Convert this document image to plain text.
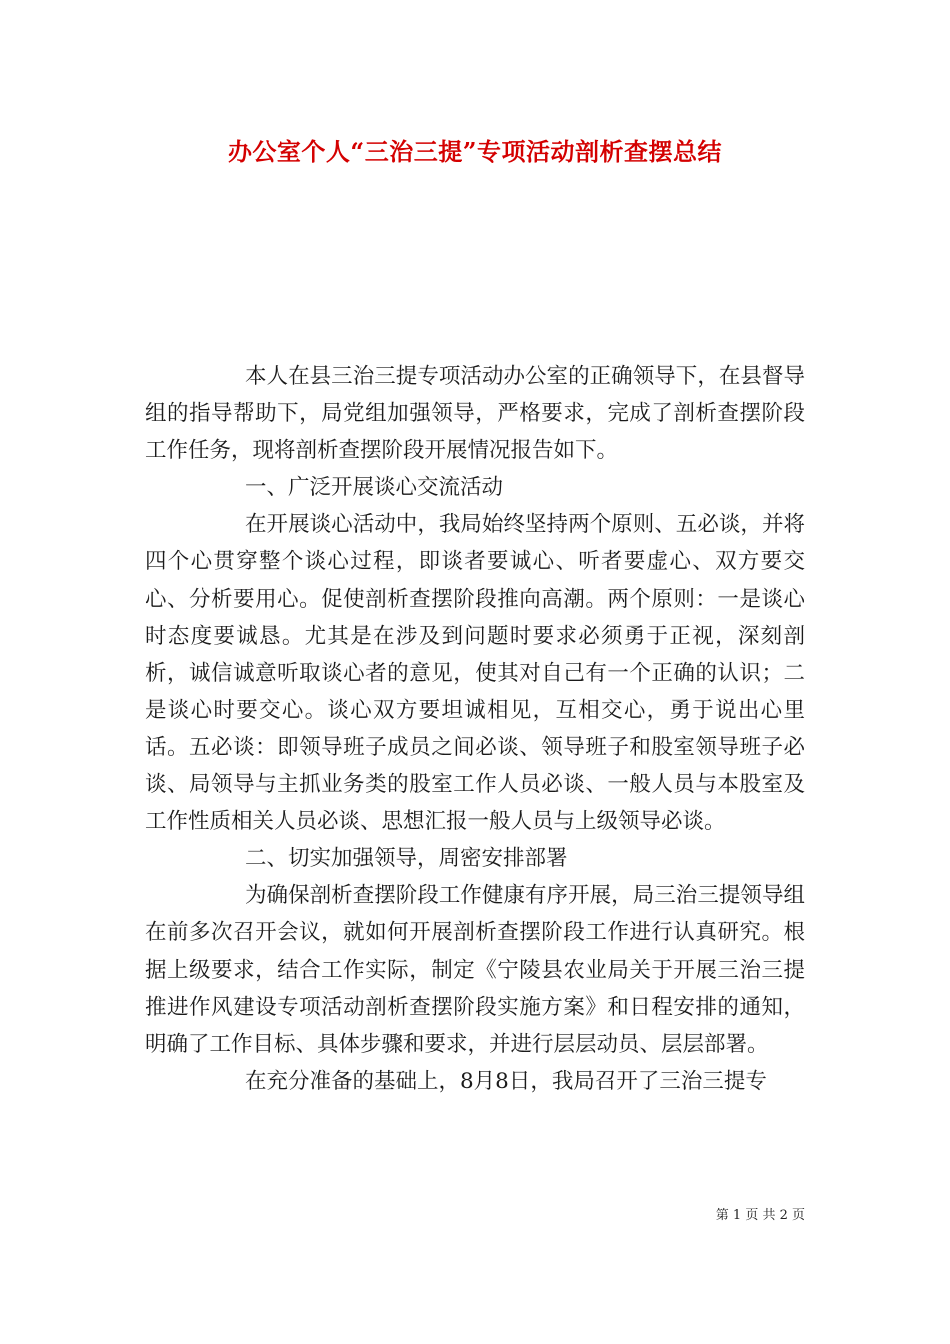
办公室个人“三治三提”专项活动剖析查摆总结

本人在县三治三提专项活动办公室的正确领导下，在县督导组的指导帮助下，局党组加强领导，严格要求，完成了剖析查摆阶段工作任务，现将剖析查摆阶段开展情况报告如下。

一、广泛开展谈心交流活动

在开展谈心活动中，我局始终坚持两个原则、五必谈，并将四个心贯穿整个谈心过程，即谈者要诚心、听者要虚心、双方要交心、分析要用心。促使剖析查摆阶段推向高潮。两个原则：一是谈心时态度要诚恳。尤其是在涉及到问题时要求必须勇于正视，深刻剖析，诚信诚意听取谈心者的意见，使其对自己有一个正确的认识；二是谈心时要交心。谈心双方要坦诚相见，互相交心，勇于说出心里话。五必谈：即领导班子成员之间必谈、领导班子和股室领导班子必谈、局领导与主抓业务类的股室工作人员必谈、一般人员与本股室及工作性质相关人员必谈、思想汇报一般人员与上级领导必谈。

二、切实加强领导，周密安排部署

为确保剖析查摆阶段工作健康有序开展，局三治三提领导组在前多次召开会议，就如何开展剖析查摆阶段工作进行认真研究。根据上级要求，结合工作实际，制定《宁陵县农业局关于开展三治三提推进作风建设专项活动剖析查摆阶段实施方案》和日程安排的通知，明确了工作目标、具体步骤和要求，并进行层层动员、层层部署。

在充分准备的基础上，8月8日，我局召开了三治三提专

第 1 页 共 2 页
